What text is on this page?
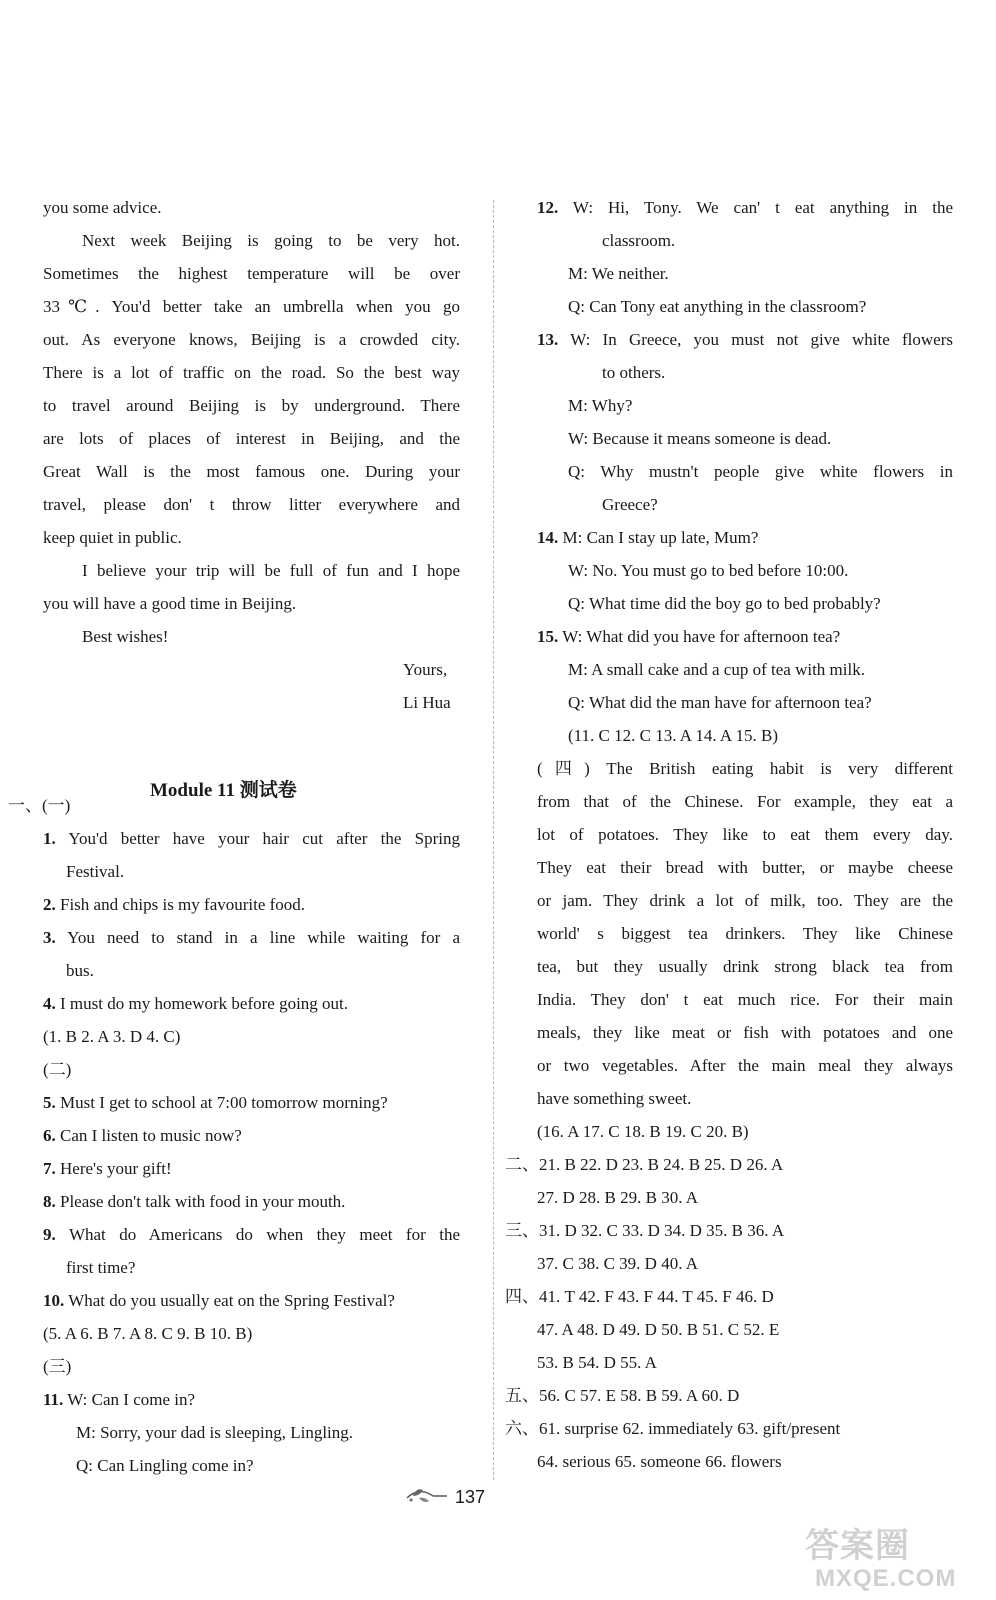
you some advice.
Next week Beijing is going to be very hot.
Sometimes the highest temperature will be over
33℃. You'd better take an umbrella when you go
out. As everyone knows, Beijing is a crowded city.
There is a lot of traffic on the road. So the best way
to travel around Beijing is by underground. There
are lots of places of interest in Beijing, and the
Great Wall is the most famous one. During your
travel, please don' t throw litter everywhere and
keep quiet in public.
I believe your trip will be full of fun and I hope
you will have a good time in Beijing.
Best wishes!
Yours,
Li Hua
一、(一)
1. You'd better have your hair cut after the Spring
Festival.
2. Fish and chips is my favourite food.
3. You need to stand in a line while waiting for a
bus.
4. I must do my homework before going out.
(1. B 2. A 3. D 4. C)
(二)
5. Must I get to school at 7:00 tomorrow morning?
6. Can I listen to music now?
7. Here's your gift!
8. Please don't talk with food in your mouth.
9. What do Americans do when they meet for the
first time?
10. What do you usually eat on the Spring Festival?
(5. A 6. B 7. A 8. C 9. B 10. B)
(三)
11. W: Can I come in?
M: Sorry, your dad is sleeping, Lingling.
Q: Can Lingling come in?
12. W: Hi, Tony. We can' t eat anything in the
classroom.
M: We neither.
Q: Can Tony eat anything in the classroom?
13. W: In Greece, you must not give white flowers
to others.
M: Why?
W: Because it means someone is dead.
Q: Why mustn't people give white flowers in
Greece?
14. M: Can I stay up late, Mum?
W: No. You must go to bed before 10:00.
Q: What time did the boy go to bed probably?
15. W: What did you have for afternoon tea?
M: A small cake and a cup of tea with milk.
Q: What did the man have for afternoon tea?
(11. C 12. C 13. A 14. A 15. B)
(四) The British eating habit is very different
from that of the Chinese. For example, they eat a
lot of potatoes. They like to eat them every day.
They eat their bread with butter, or maybe cheese
or jam. They drink a lot of milk, too. They are the
world' s biggest tea drinkers. They like Chinese
tea, but they usually drink strong black tea from
India. They don' t eat much rice. For their main
meals, they like meat or fish with potatoes and one
or two vegetables. After the main meal they always
have something sweet.
(16. A 17. C 18. B 19. C 20. B)
二、21. B 22. D 23. B 24. B 25. D 26. A
27. D 28. B 29. B 30. A
三、31. D 32. C 33. D 34. D 35. B 36. A
37. C 38. C 39. D 40. A
四、41. T 42. F 43. F 44. T 45. F 46. D
47. A 48. D 49. D 50. B 51. C 52. E
53. B 54. D 55. A
五、56. C 57. E 58. B 59. A 60. D
六、61. surprise 62. immediately 63. gift/present
64. serious 65. someone 66. flowers
Module 11 测试卷
137
答案圈
MXQE.COM
